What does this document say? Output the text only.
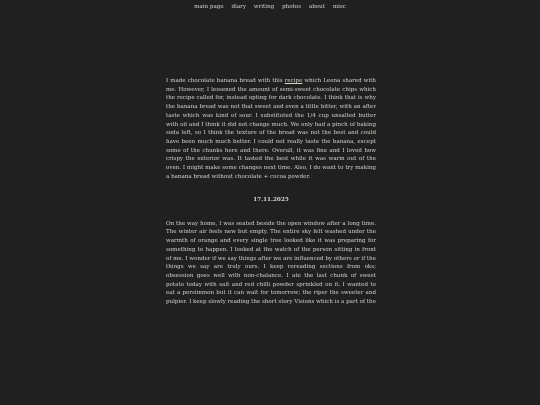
main page diary writing photos about misc

I made chocolate banana bread with this recipe which Leena shared with me. However, I lessened the amount of semi-sweet chocolate chips which the recipe called for, instead opting for dark chocolate. I think that is why the banana bread was not that sweet and even a little bitter, with an after taste which was kind of sour. I substituted the 1/4 cup unsalted butter with oil and I think it did not change much. We only had a pinch of baking soda left, so I think the texture of the bread was not the best and could have been much much better. I could not really taste the banana, except some of the chunks here and there. Overall, it was fine and I loved how crispy the exterior was. It tasted the best while it was warm out of the oven. I might make some changes next time. Also, I do want to try making a banana bread without chocolate + cocoa powder.

17.11.2025

On the way home, I was seated beside the open window after a long time. The winter air feels new but empty. The entire sky felt washed under the warmth of orange and every single tree looked like it was preparing for something to happen. I looked at the watch of the person sitting in front of me. I wonder if we say things after we are influenced by others or if the things we say are truly ours. I keep rereading sections from oks; obsession goes well with non-chalance. I ate the last chunk of sweet potato today with salt and red chilli powder sprinkled on it. I wanted to eat a persimmon but it can wait for tomorrow; the riper the sweeter and pulpier. I keep slowly reading the short story Visions which is a part of the
